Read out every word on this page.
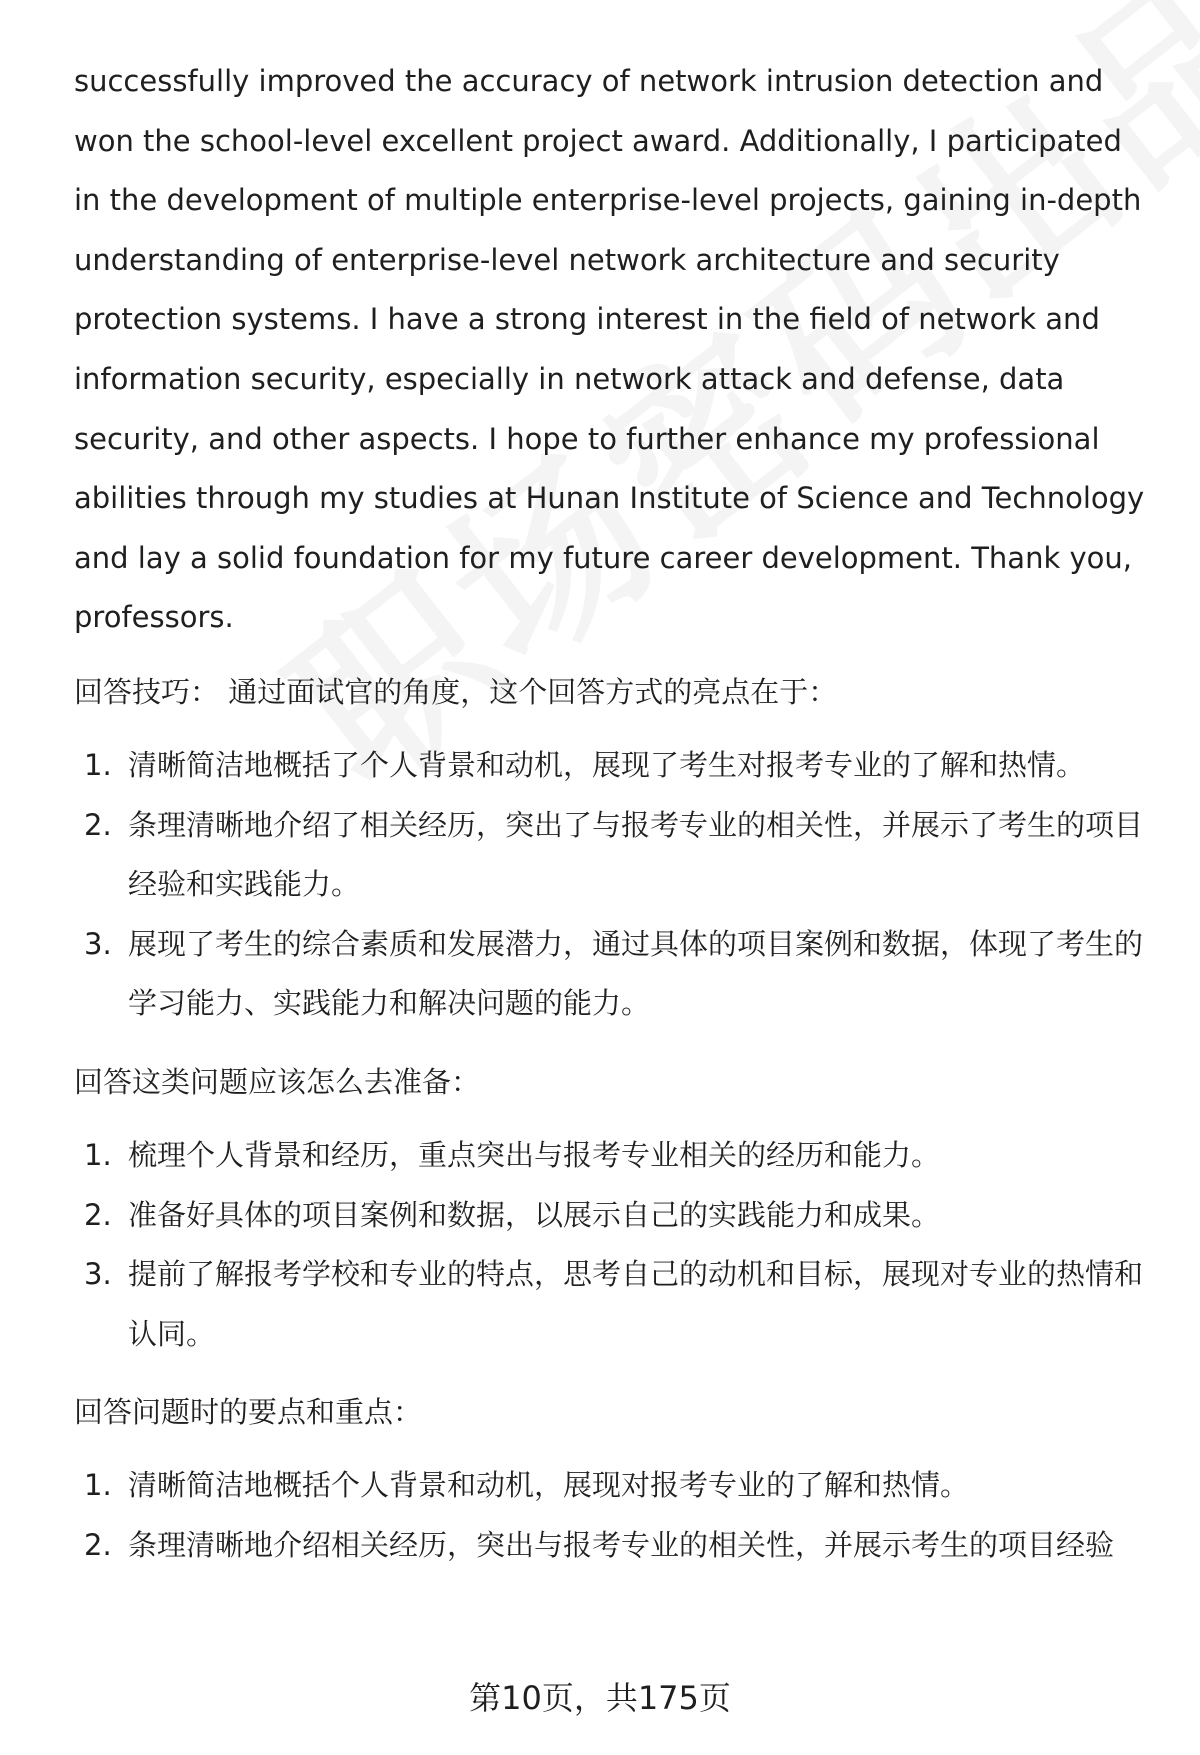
successfully improved the accuracy of network intrusion detection and won the school-level excellent project award. Additionally, I participated in the development of multiple enterprise-level projects, gaining in-depth understanding of enterprise-level network architecture and security protection systems. I have a strong interest in the field of network and information security, especially in network attack and defense, data security, and other aspects. I hope to further enhance my professional abilities through my studies at Hunan Institute of Science and Technology and lay a solid foundation for my future career development. Thank you, professors.

回答技巧： 通过面试官的角度，这个回答方式的亮点在于：

1. 清晰简洁地概括了个人背景和动机，展现了考生对报考专业的了解和热情。
2. 条理清晰地介绍了相关经历，突出了与报考专业的相关性，并展示了考生的项目经验和实践能力。
3. 展现了考生的综合素质和发展潜力，通过具体的项目案例和数据，体现了考生的学习能力、实践能力和解决问题的能力。

回答这类问题应该怎么去准备：

1. 梳理个人背景和经历，重点突出与报考专业相关的经历和能力。
2. 准备好具体的项目案例和数据，以展示自己的实践能力和成果。
3. 提前了解报考学校和专业的特点，思考自己的动机和目标，展现对专业的热情和认同。

回答问题时的要点和重点：

1. 清晰简洁地概括个人背景和动机，展现对报考专业的了解和热情。
2. 条理清晰地介绍相关经历，突出与报考专业的相关性，并展示考生的项目经验
第10页，共175页
